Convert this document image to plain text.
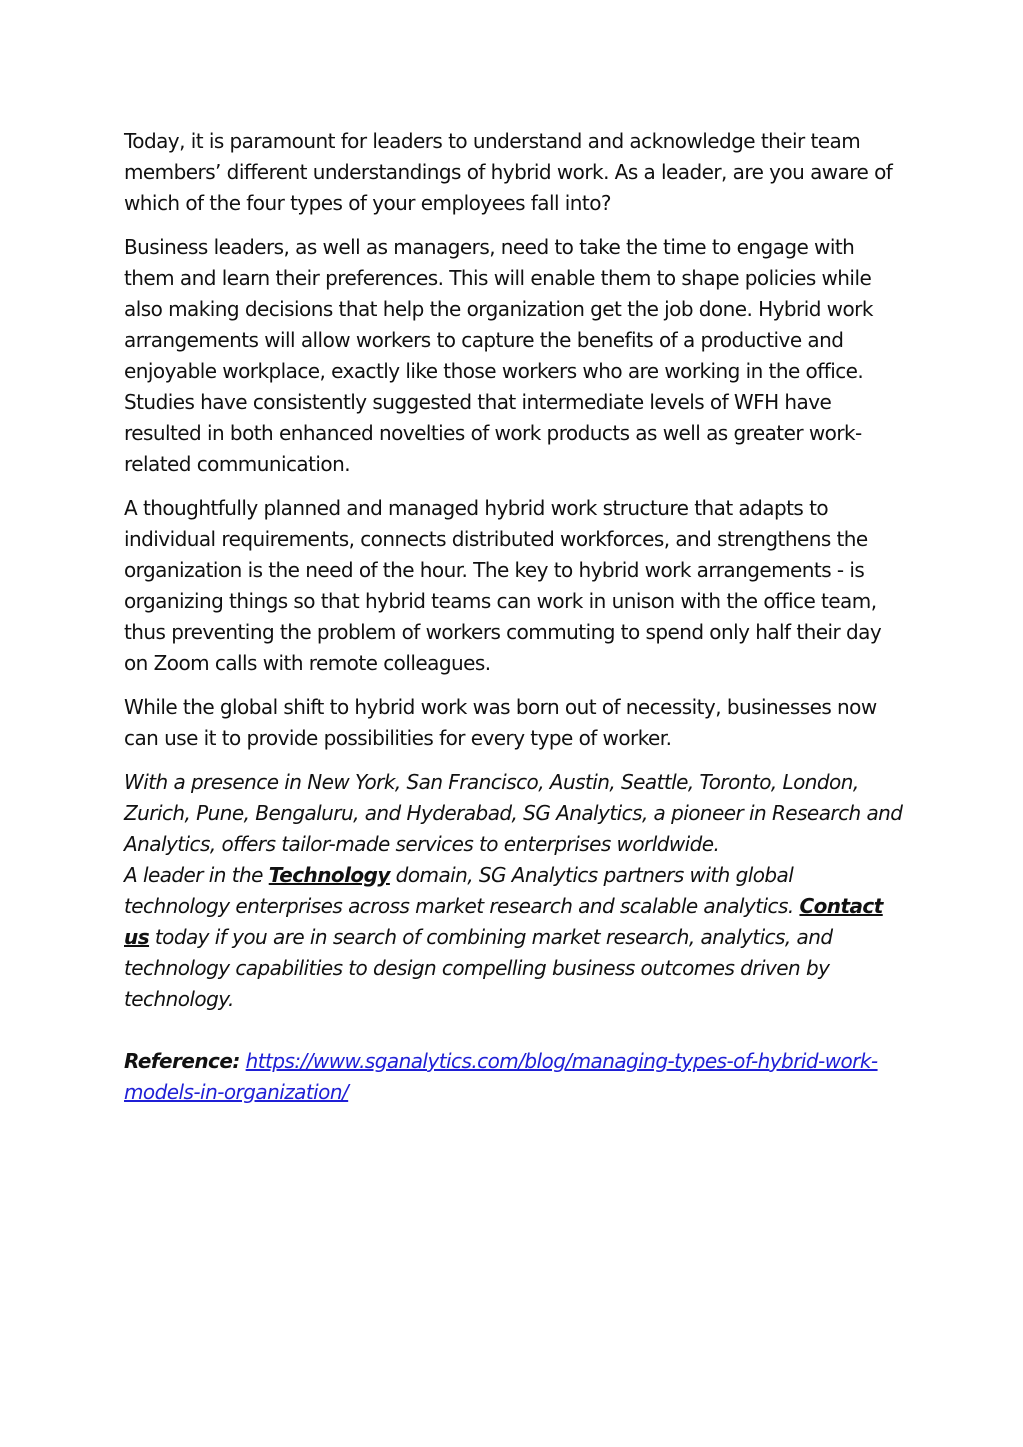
Today, it is paramount for leaders to understand and acknowledge their team members’ different understandings of hybrid work. As a leader, are you aware of which of the four types of your employees fall into?

Business leaders, as well as managers, need to take the time to engage with them and learn their preferences. This will enable them to shape policies while also making decisions that help the organization get the job done. Hybrid work arrangements will allow workers to capture the benefits of a productive and enjoyable workplace, exactly like those workers who are working in the office. Studies have consistently suggested that intermediate levels of WFH have resulted in both enhanced novelties of work products as well as greater work-related communication.

A thoughtfully planned and managed hybrid work structure that adapts to individual requirements, connects distributed workforces, and strengthens the organization is the need of the hour. The key to hybrid work arrangements - is organizing things so that hybrid teams can work in unison with the office team, thus preventing the problem of workers commuting to spend only half their day on Zoom calls with remote colleagues.

While the global shift to hybrid work was born out of necessity, businesses now can use it to provide possibilities for every type of worker.

With a presence in New York, San Francisco, Austin, Seattle, Toronto, London, Zurich, Pune, Bengaluru, and Hyderabad, SG Analytics, a pioneer in Research and Analytics, offers tailor-made services to enterprises worldwide.

A leader in the Technology domain, SG Analytics partners with global technology enterprises across market research and scalable analytics. Contact us today if you are in search of combining market research, analytics, and technology capabilities to design compelling business outcomes driven by technology.

Reference: https://www.sganalytics.com/blog/managing-types-of-hybrid-work-models-in-organization/
